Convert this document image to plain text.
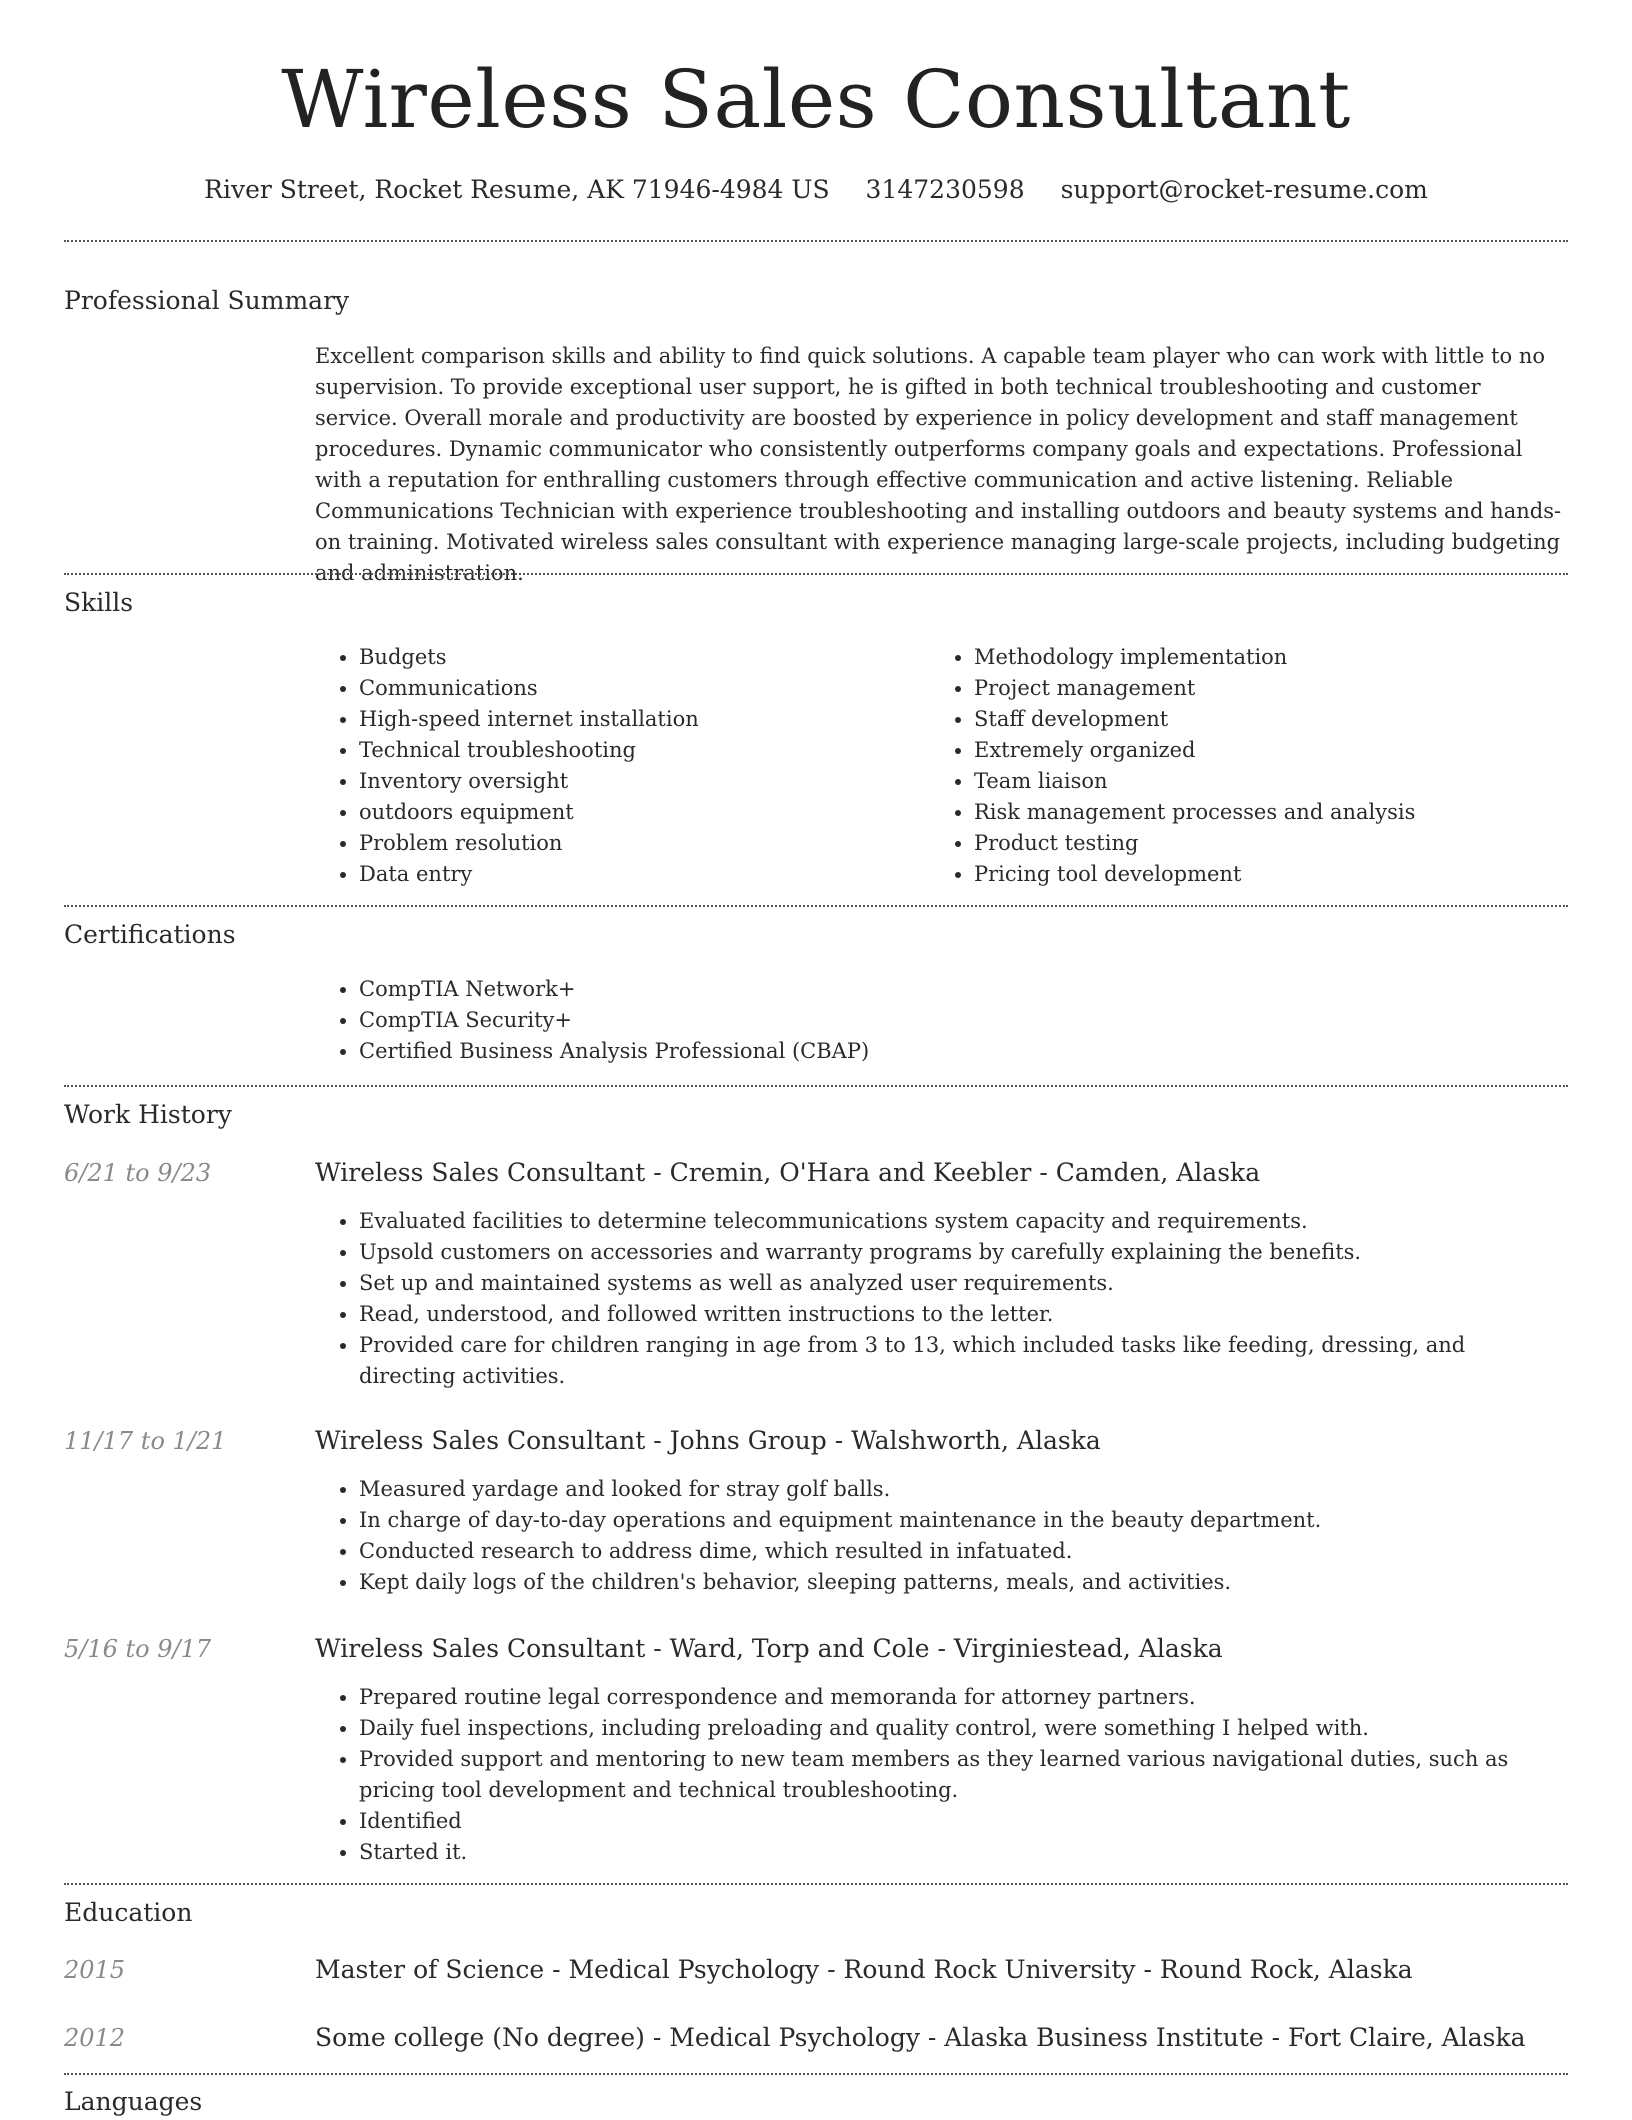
Wireless Sales Consultant
River Street, Rocket Resume, AK 71946-4984 US 3147230598 support@rocket-resume.com
Professional Summary
Excellent comparison skills and ability to find quick solutions. A capable team player who can work with little to no supervision. To provide exceptional user support, he is gifted in both technical troubleshooting and customer service. Overall morale and productivity are boosted by experience in policy development and staff management procedures. Dynamic communicator who consistently outperforms company goals and expectations. Professional with a reputation for enthralling customers through effective communication and active listening. Reliable Communications Technician with experience troubleshooting and installing outdoors and beauty systems and hands-on training. Motivated wireless sales consultant with experience managing large-scale projects, including budgeting and administration.
Skills
• Budgets
• Communications
• High-speed internet installation
• Technical troubleshooting
• Inventory oversight
• outdoors equipment
• Problem resolution
• Data entry
• Methodology implementation
• Project management
• Staff development
• Extremely organized
• Team liaison
• Risk management processes and analysis
• Product testing
• Pricing tool development
Certifications
• CompTIA Network+
• CompTIA Security+
• Certified Business Analysis Professional (CBAP)
Work History
6/21 to 9/23	Wireless Sales Consultant - Cremin, O'Hara and Keebler - Camden, Alaska
• Evaluated facilities to determine telecommunications system capacity and requirements.
• Upsold customers on accessories and warranty programs by carefully explaining the benefits.
• Set up and maintained systems as well as analyzed user requirements.
• Read, understood, and followed written instructions to the letter.
• Provided care for children ranging in age from 3 to 13, which included tasks like feeding, dressing, and directing activities.
11/17 to 1/21	Wireless Sales Consultant - Johns Group - Walshworth, Alaska
• Measured yardage and looked for stray golf balls.
• In charge of day-to-day operations and equipment maintenance in the beauty department.
• Conducted research to address dime, which resulted in infatuated.
• Kept daily logs of the children's behavior, sleeping patterns, meals, and activities.
5/16 to 9/17	Wireless Sales Consultant - Ward, Torp and Cole - Virginiestead, Alaska
• Prepared routine legal correspondence and memoranda for attorney partners.
• Daily fuel inspections, including preloading and quality control, were something I helped with.
• Provided support and mentoring to new team members as they learned various navigational duties, such as pricing tool development and technical troubleshooting.
• Identified
• Started it.
Education
2015	Master of Science - Medical Psychology - Round Rock University - Round Rock, Alaska
2012	Some college (No degree) - Medical Psychology - Alaska Business Institute - Fort Claire, Alaska
Languages
